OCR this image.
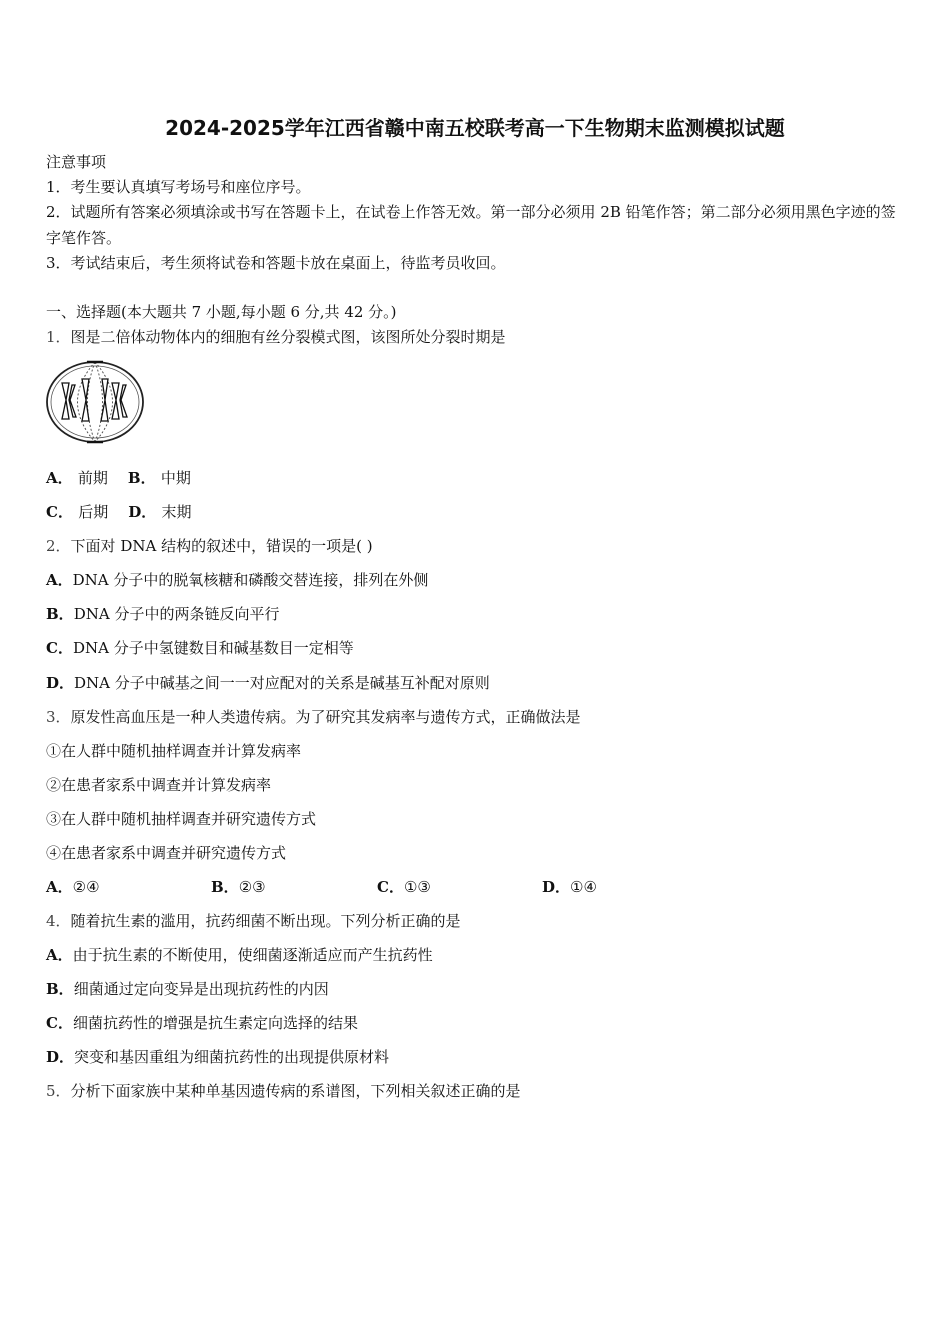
2024-2025学年江西省赣中南五校联考高一下生物期末监测模拟试题
注意事项
1．考生要认真填写考场号和座位序号。
2．试题所有答案必须填涂或书写在答题卡上，在试卷上作答无效。第一部分必须用 2B 铅笔作答；第二部分必须用黑色字迹的签字笔作答。
3．考试结束后，考生须将试卷和答题卡放在桌面上，待监考员收回。
一、选择题(本大题共 7 小题,每小题 6 分,共 42 分。)
1．图是二倍体动物体内的细胞有丝分裂模式图，该图所处分裂时期是
A． 前期 B． 中期
C． 后期 D． 末期
2．下面对 DNA 结构的叙述中，错误的一项是( )
A．DNA 分子中的脱氧核糖和磷酸交替连接，排列在外侧
B．DNA 分子中的两条链反向平行
C．DNA 分子中氢键数目和碱基数目一定相等
D．DNA 分子中碱基之间一一对应配对的关系是碱基互补配对原则
3．原发性高血压是一种人类遗传病。为了研究其发病率与遗传方式，正确做法是
①在人群中随机抽样调查并计算发病率
②在患者家系中调查并计算发病率
③在人群中随机抽样调查并研究遗传方式
④在患者家系中调查并研究遗传方式
A．②④	B．②③	C．①③	D．①④
4．随着抗生素的滥用，抗药细菌不断出现。下列分析正确的是
A．由于抗生素的不断使用，使细菌逐渐适应而产生抗药性
B．细菌通过定向变异是出现抗药性的内因
C．细菌抗药性的增强是抗生素定向选择的结果
D．突变和基因重组为细菌抗药性的出现提供原材料
5．分析下面家族中某种单基因遗传病的系谱图，下列相关叙述正确的是
